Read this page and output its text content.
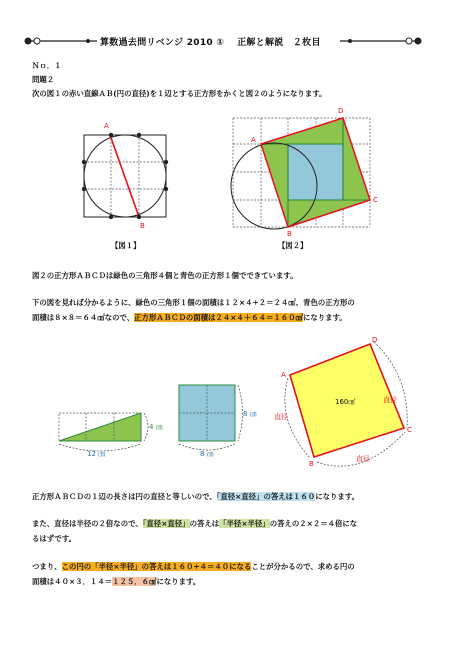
算数過去問リベンジ 2010 ①　 正解と解説　２枚目
Ｎｏ．１
問題２
次の図１の赤い直線ＡＢ(円の直径)を１辺とする正方形をかくと図２のようになります。
A
B
【図１】
A
D
C
B
【図２】
図２の正方形ＡＢＣＤは緑色の三角形４個と青色の正方形１個でできています。
下の図を見れば分かるように、緑色の三角形１個の面積は１２×４÷２＝２４㎠、青色の正方形の
面積は８×８＝６４㎠なので、正方形ＡＢＣＤの面積は２４×４＋６４＝１６０㎠になります。
4 ㎝
12 ㎝
8 ㎝
8 ㎝
160㎠
A
D
C
B
直径
直径
直径
正方形ＡＢＣＤの１辺の長さは円の直径と等しいので、「直径×直径」の答えは１６０になります。
また、直径は半径の２倍なので、「直径×直径」の答えは「半径×半径」の答えの２×２＝４倍にな
るはずです。
つまり、この円の「半径×半径」の答えは１６０÷４＝４０になることが分かるので、求める円の
面積は４０×３．１４＝１２５．６㎠になります。
